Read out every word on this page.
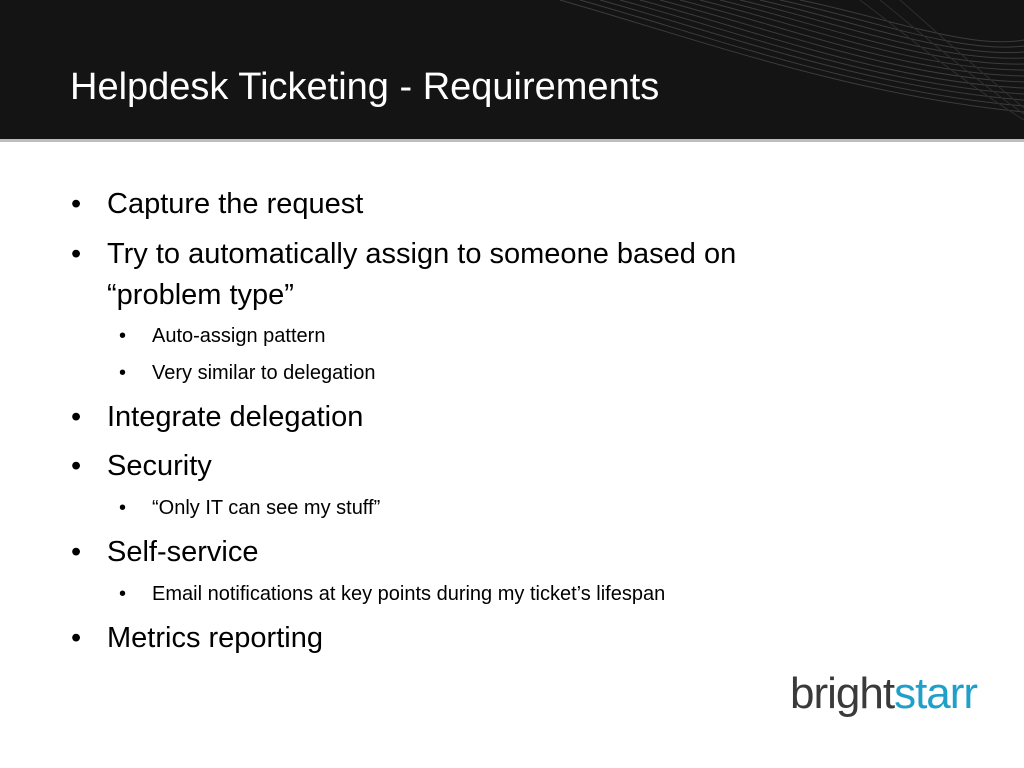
Helpdesk Ticketing - Requirements
• Capture the request
• Try to automatically assign to someone based on
“problem type”
• Auto-assign pattern
• Very similar to delegation
• Integrate delegation
• Security
• “Only IT can see my stuff”
• Self-service
• Email notifications at key points during my ticket’s lifespan
• Metrics reporting
brightstarr
